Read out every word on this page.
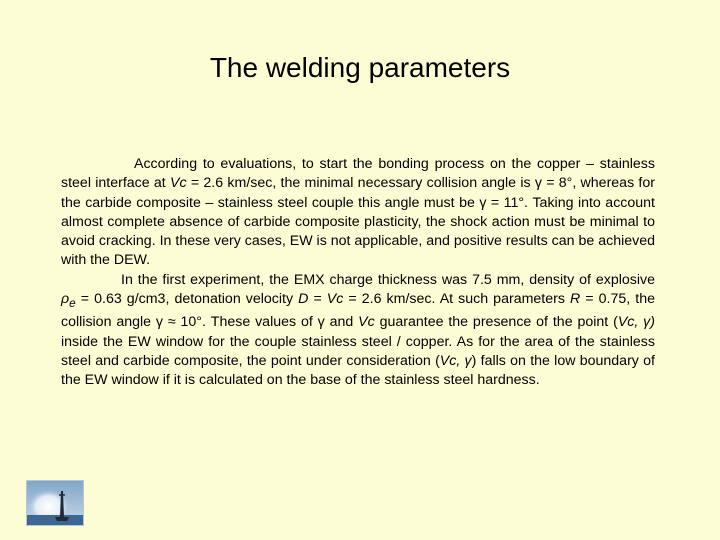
The welding parameters

According to evaluations, to start the bonding process on the copper – stainless steel interface at Vc = 2.6 km/sec, the minimal necessary collision angle is γ = 8°, whereas for the carbide composite – stainless steel couple this angle must be γ = 11°. Taking into account almost complete absence of carbide composite plasticity, the shock action must be minimal to avoid cracking. In these very cases, EW is not applicable, and positive results can be achieved with the DEW.

In the first experiment, the EMX charge thickness was 7.5 mm, density of explosive $\rho_e = 0.63$ g/cm3, detonation velocity D = Vc = 2.6 km/sec. At such parameters R = 0.75, the collision angle γ ≈ 10°. These values of γ and Vc guarantee the presence of the point (Vc, γ) inside the EW window for the couple stainless steel / copper. As for the area of the stainless steel and carbide composite, the point under consideration (Vc, γ) falls on the low boundary of the EW window if it is calculated on the base of the stainless steel hardness.
